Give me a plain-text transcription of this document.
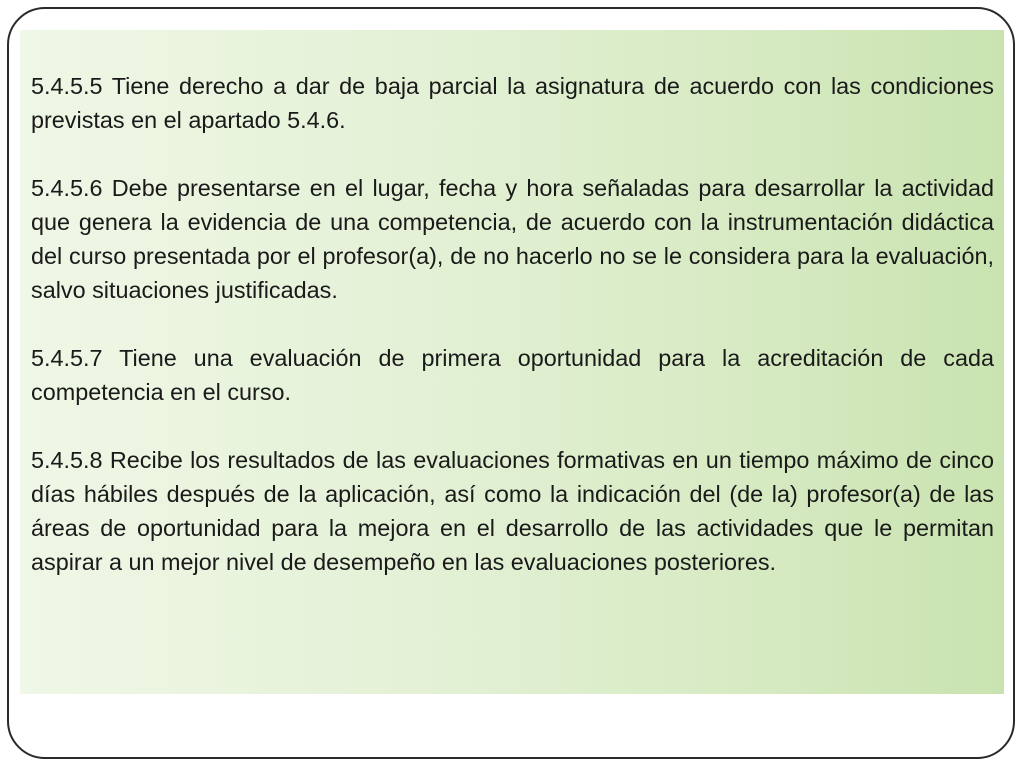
5.4.5.5 Tiene derecho a dar de baja parcial la asignatura de acuerdo con las condiciones previstas en el apartado 5.4.6.

5.4.5.6 Debe presentarse en el lugar, fecha y hora señaladas para desarrollar la actividad que genera la evidencia de una competencia, de acuerdo con la instrumentación didáctica del curso presentada por el profesor(a), de no hacerlo no se le considera para la evaluación, salvo situaciones justificadas.

5.4.5.7 Tiene una evaluación de primera oportunidad para la acreditación de cada competencia en el curso.

5.4.5.8 Recibe los resultados de las evaluaciones formativas en un tiempo máximo de cinco días hábiles después de la aplicación, así como la indicación del (de la) profesor(a) de las áreas de oportunidad para la mejora en el desarrollo de las actividades que le permitan aspirar a un mejor nivel de desempeño en las evaluaciones posteriores.
